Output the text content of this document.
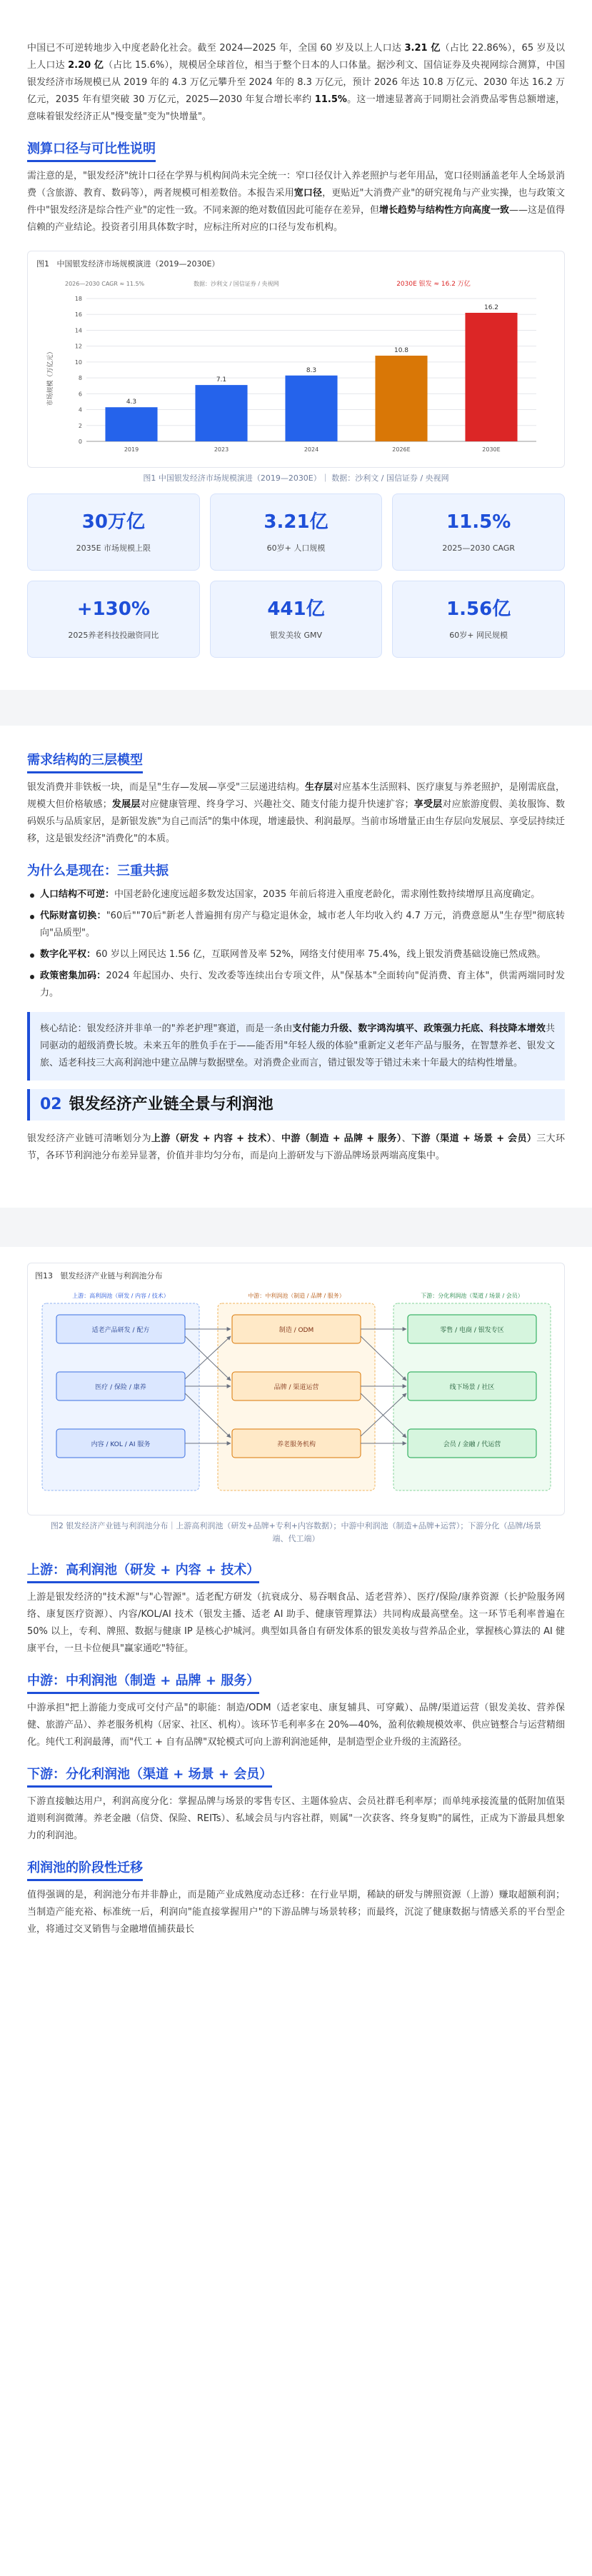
中国已不可逆转地步入中度老龄化社会。截至 2024—2025 年，全国 60 岁及以上人口达 3.21 亿（占比 22.86%），65 岁及以上人口达 2.20 亿（占比 15.6%），规模居全球首位，相当于整个日本的人口体量。据沙利文、国信证券及央视网综合测算，中国银发经济市场规模已从 2019 年的 4.3 万亿元攀升至 2024 年的 8.3 万亿元，预计 2026 年达 10.8 万亿元、2030 年达 16.2 万亿元，2035 年有望突破 30 万亿元，2025—2030 年复合增长率约 11.5%。这一增速显著高于同期社会消费品零售总额增速，意味着银发经济正从"慢变量"变为"快增量"。

测算口径与可比性说明

需注意的是，"银发经济"统计口径在学界与机构间尚未完全统一：窄口径仅计入养老照护与老年用品，宽口径则涵盖老年人全场景消费（含旅游、教育、数码等），两者规模可相差数倍。本报告采用宽口径，更贴近"大消费产业"的研究视角与产业实操，也与政策文件中"银发经济是综合性产业"的定性一致。不同来源的绝对数值因此可能存在差异，但增长趋势与结构性方向高度一致——这是值得信赖的产业结论。投资者引用具体数字时，应标注所对应的口径与发布机构。

图1 中国银发经济市场规模演进（2019—2030E）
2026—2030 CAGR ≈ 11.5%	数据：沙利文 / 国信证券 / 央视网
市场规模（万亿元）
0
2
4
6
8
10
12
14
16
18
4.3
2019
7.1
2023
8.3
2024
10.8
2026E
16.2
2030E
2030E 银发 ≈ 16.2 万亿
图1 中国银发经济市场规模演进（2019—2030E）｜ 数据：沙利文 / 国信证券 / 央视网
30万亿
2035E 市场规模上限
3.21亿
60岁+ 人口规模
11.5%
2025—2030 CAGR
+130%
2025养老科技投融资同比
441亿
银发美妆 GMV
1.56亿
60岁+ 网民规模
需求结构的三层模型

银发消费并非铁板一块，而是呈"生存—发展—享受"三层递进结构。生存层对应基本生活照料、医疗康复与养老照护，是刚需底盘，规模大但价格敏感；发展层对应健康管理、终身学习、兴趣社交、随支付能力提升快速扩容；享受层对应旅游度假、美妆服饰、数码娱乐与品质家居，是新银发族"为自己而活"的集中体现，增速最快、利润最厚。当前市场增量正由生存层向发展层、享受层持续迁移，这是银发经济"消费化"的本质。

为什么是现在：三重共振
人口结构不可逆：中国老龄化速度远超多数发达国家，2035 年前后将进入重度老龄化，需求刚性数持续增厚且高度确定。
代际财富切换："60后""70后"新老人普遍拥有房产与稳定退休金，城市老人年均收入约 4.7 万元，消费意愿从"生存型"彻底转向"品质型"。
数字化平权：60 岁以上网民达 1.56 亿，互联网普及率 52%，网络支付使用率 75.4%，线上银发消费基础设施已然成熟。
政策密集加码：2024 年起国办、央行、发改委等连续出台专项文件，从"保基本"全面转向"促消费、育主体"，供需两端同时发力。

核心结论：银发经济并非单一的"养老护理"赛道，而是一条由支付能力升级、数字鸿沟填平、政策强力托底、科技降本增效共同驱动的超级消费长坡。未来五年的胜负手在于——能否用"年轻人级的体验"重新定义老年产品与服务，在智慧养老、银发文旅、适老科技三大高利润池中建立品牌与数据壁垒。对消费企业而言，错过银发等于错过未来十年最大的结构性增量。

02 银发经济产业链全景与利润池

银发经济产业链可清晰划分为上游（研发 + 内容 + 技术）、中游（制造 + 品牌 + 服务）、下游（渠道 + 场景 + 会员）三大环节，各环节利润池分布差异显著，价值并非均匀分布，而是向上游研发与下游品牌场景两端高度集中。

图13 银发经济产业链与利润池分布
上游：高利润池（研发 / 内容 / 技术）	中游：中利润池（制造 / 品牌 / 服务）	下游：分化利润池（渠道 / 场景 / 会员）
适老产品研发 / 配方
医疗 / 保险 / 康养
内容 / KOL / AI 服务
制造 / ODM
品牌 / 渠道运营
养老服务机构
零售 / 电商 / 银发专区
线下场景 / 社区
会员 / 金融 / 代运营
图2 银发经济产业链与利润池分布｜上游高利润池（研发+品牌+专利+内容数据）；中游中利润池（制造+品牌+运营）；下游分化（品牌/场景端、代工端）
上游：高利润池（研发 + 内容 + 技术）

上游是银发经济的"技术源"与"心智源"。适老配方研发（抗衰成分、易吞咽食品、适老营养）、医疗/保险/康养资源（长护险服务网络、康复医疗资源）、内容/KOL/AI 技术（银发主播、适老 AI 助手、健康管理算法）共同构成最高壁垒。这一环节毛利率普遍在 50% 以上，专利、牌照、数据与健康 IP 是核心护城河。典型如具备自有研发体系的银发美妆与营养品企业，掌握核心算法的 AI 健康平台，一旦卡位便具"赢家通吃"特征。

中游：中利润池（制造 + 品牌 + 服务）

中游承担"把上游能力变成可交付产品"的职能：制造/ODM（适老家电、康复辅具、可穿戴）、品牌/渠道运营（银发美妆、营养保健、旅游产品）、养老服务机构（居家、社区、机构）。该环节毛利率多在 20%—40%，盈利依赖规模效率、供应链整合与运营精细化。纯代工利润最薄，而"代工 + 自有品牌"双轮模式可向上游利润池延伸，是制造型企业升级的主流路径。

下游：分化利润池（渠道 + 场景 + 会员）

下游直接触达用户，利润高度分化：掌握品牌与场景的零售专区、主题体验店、会员社群毛利率厚；而单纯承接流量的低附加值渠道则利润微薄。养老金融（信贷、保险、REITs）、私域会员与内容社群，则属"一次获客、终身复购"的属性，正成为下游最具想象力的利润池。

利润池的阶段性迁移

值得强调的是，利润池分布并非静止，而是随产业成熟度动态迁移：在行业早期，稀缺的研发与牌照资源（上游）赚取超额利润；当制造产能充裕、标准统一后，利润向"能直接掌握用户"的下游品牌与场景转移；而最终，沉淀了健康数据与情感关系的平台型企业，将通过交叉销售与金融增值捕获最长
